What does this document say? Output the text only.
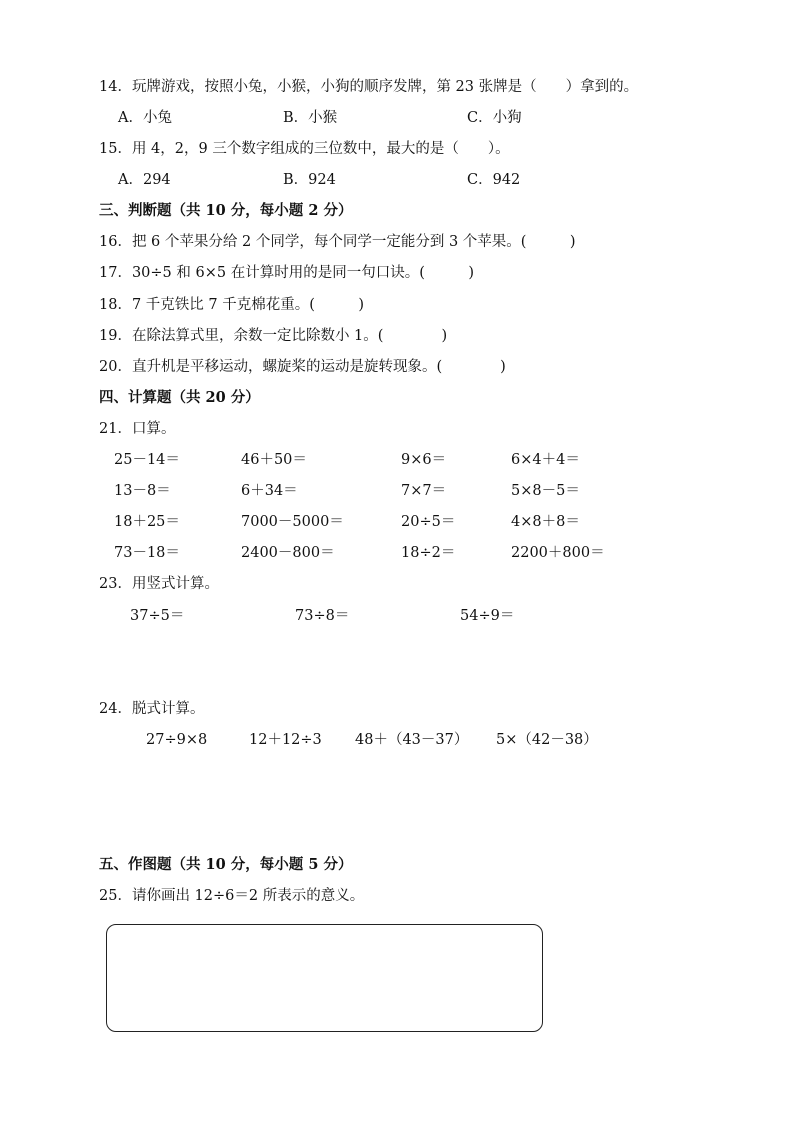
14．玩牌游戏，按照小兔，小猴，小狗的顺序发牌，第 23 张牌是（　　）拿到的。
A．小兔	B．小猴	C．小狗
15．用 4，2，9 三个数字组成的三位数中，最大的是（　　）。
A．294	B．924	C．942
三、判断题（共 10 分，每小题 2 分）
16．把 6 个苹果分给 2 个同学，每个同学一定能分到 3 个苹果。(　　　)
17．30÷5 和 6×5 在计算时用的是同一句口诀。(　　　)
18．7 千克铁比 7 千克棉花重。(　　　)
19．在除法算式里，余数一定比除数小 1。(　　　　)
20．直升机是平移运动，螺旋桨的运动是旋转现象。(　　　　)
四、计算题（共 20 分）
21．口算。
25－14＝	46＋50＝	9×6＝	6×4＋4＝
13－8＝	6＋34＝	7×7＝	5×8－5＝
18＋25＝	7000－5000＝	20÷5＝	4×8＋8＝
73－18＝	2400－800＝	18÷2＝	2200＋800＝
23．用竖式计算。
37÷5＝	73÷8＝	54÷9＝
24．脱式计算。
27÷9×8	12＋12÷3 48＋（43－37） 5×（42－38）
五、作图题（共 10 分，每小题 5 分）
25．请你画出 12÷6＝2 所表示的意义。
